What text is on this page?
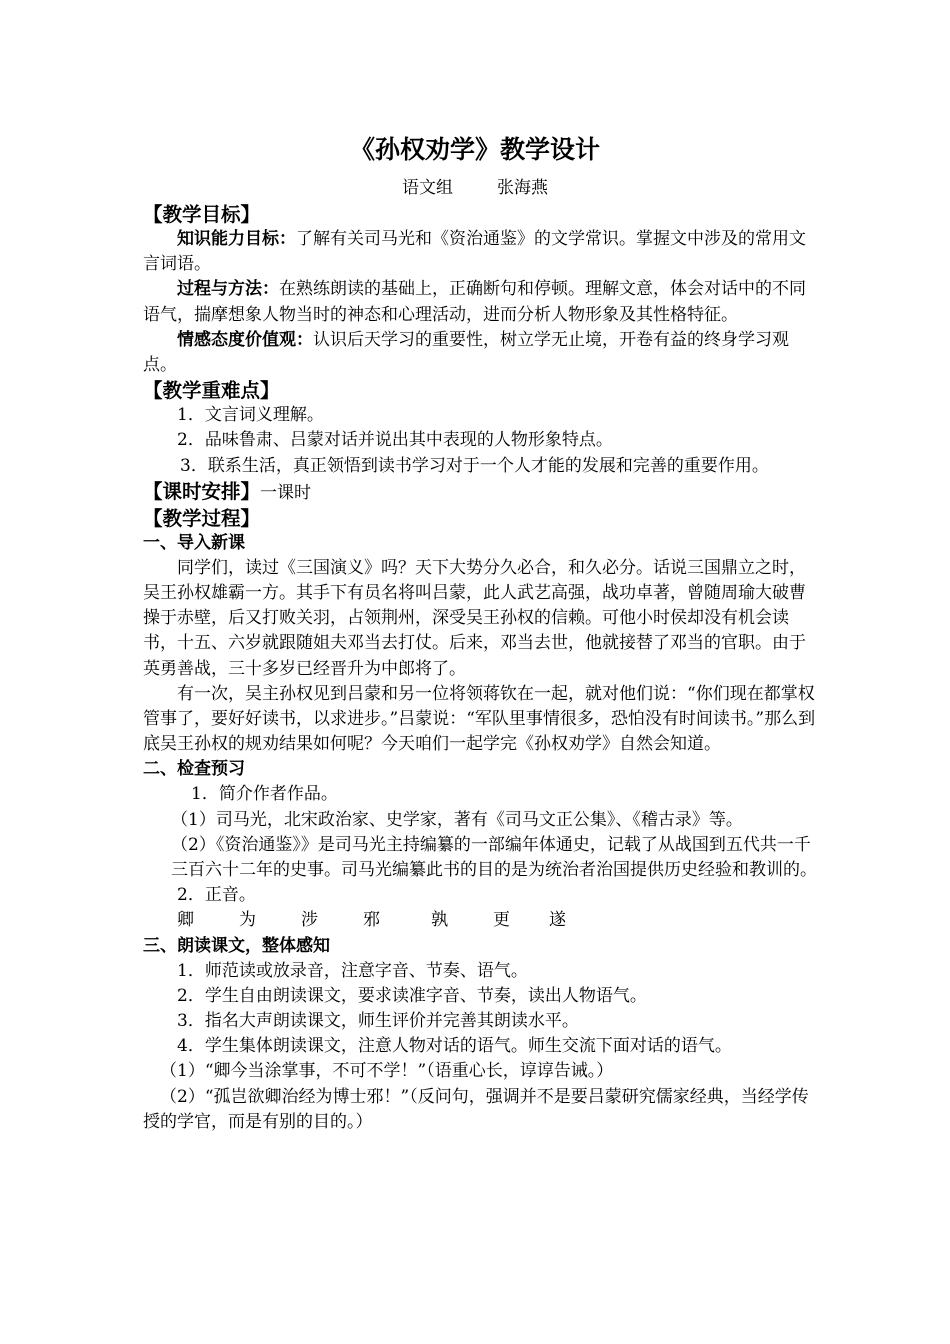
《孙权劝学》教学设计
语文组	张海燕

【教学目标】

知识能力目标：了解有关司马光和《资治通鉴》的文学常识。掌握文中涉及的常用文言词语。

过程与方法：在熟练朗读的基础上，正确断句和停顿。理解文意，体会对话中的不同语气，揣摩想象人物当时的神态和心理活动，进而分析人物形象及其性格特征。

情感态度价值观：认识后天学习的重要性，树立学无止境，开卷有益的终身学习观点。

【教学重难点】

1．文言词义理解。

2．品味鲁肃、吕蒙对话并说出其中表现的人物形象特点。

3．联系生活，真正领悟到读书学习对于一个人才能的发展和完善的重要作用。

【课时安排】一课时

【教学过程】

一、导入新课

同学们，读过《三国演义》吗？天下大势分久必合，和久必分。话说三国鼎立之时，吴王孙权雄霸一方。其手下有员名将叫吕蒙，此人武艺高强，战功卓著，曾随周瑜大破曹操于赤壁，后又打败关羽，占领荆州，深受吴王孙权的信赖。可他小时侯却没有机会读书，十五、六岁就跟随姐夫邓当去打仗。后来，邓当去世，他就接替了邓当的官职。由于英勇善战，三十多岁已经晋升为中郎将了。

有一次，吴主孙权见到吕蒙和另一位将领蒋钦在一起，就对他们说：“你们现在都掌权管事了，要好好读书，以求进步。”吕蒙说：“军队里事情很多，恐怕没有时间读书。”那么到底吴王孙权的规劝结果如何呢？今天咱们一起学完《孙权劝学》自然会知道。

二、检查预习

1．简介作者作品。

（1）司马光，北宋政治家、史学家，著有《司马文正公集》、《稽古录》等。

（2）《资治通鉴》》是司马光主持编纂的一部编年体通史，记载了从战国到五代共一千三百六十二年的史事。司马光编纂此书的目的是为统治者治国提供历史经验和教训的。

2．正音。

卿	为	涉	邪	孰	更 遂

三、朗读课文，整体感知

1．师范读或放录音，注意字音、节奏、语气。

2．学生自由朗读课文，要求读准字音、节奏，读出人物语气。

3．指名大声朗读课文，师生评价并完善其朗读水平。

4．学生集体朗读课文，注意人物对话的语气。师生交流下面对话的语气。

（1）“卿今当涂掌事，不可不学！”（语重心长，谆谆告诫。）

（2）“孤岂欲卿治经为博士邪！”（反问句，强调并不是要吕蒙研究儒家经典，当经学传授的学官，而是有别的目的。）
